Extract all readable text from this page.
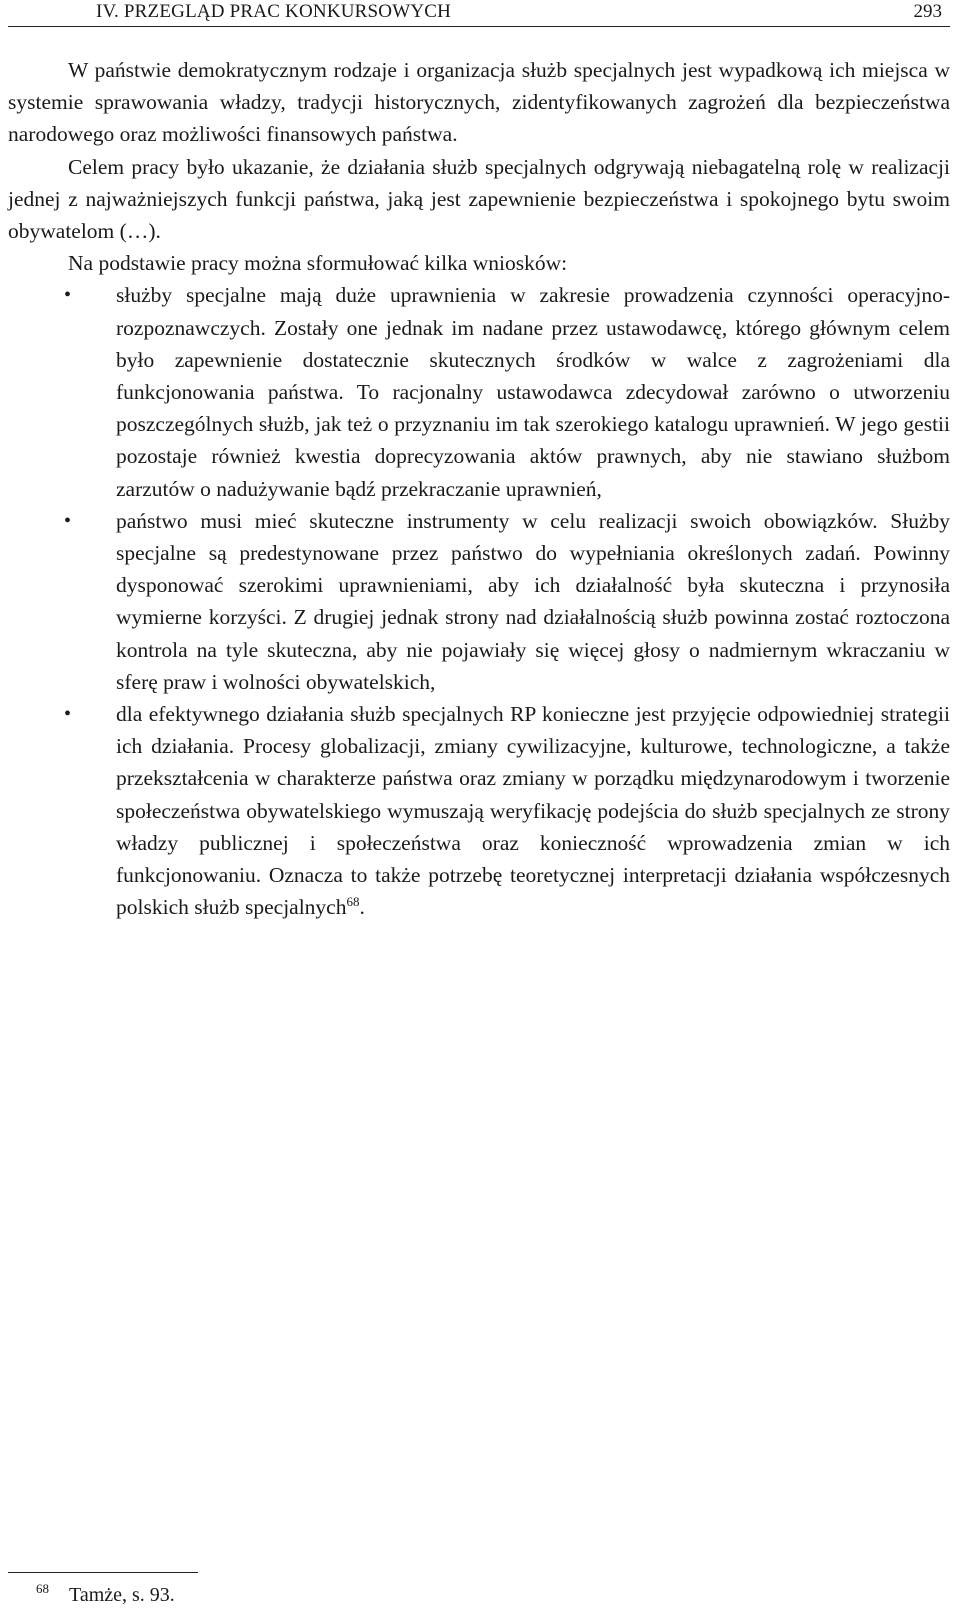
IV. PRZEGLĄD PRAC KONKURSOWYCH	293

W państwie demokratycznym rodzaje i organizacja służb specjalnych jest wypadkową ich miejsca w systemie sprawowania władzy, tradycji historycznych, zidentyfikowanych zagrożeń dla bezpieczeństwa narodowego oraz możliwości finansowych państwa.

Celem pracy było ukazanie, że działania służb specjalnych odgrywają niebagatelną rolę w realizacji jednej z najważniejszych funkcji państwa, jaką jest zapewnienie bezpieczeństwa i spokojnego bytu swoim obywatelom (…).

Na podstawie pracy można sformułować kilka wniosków:

• służby specjalne mają duże uprawnienia w zakresie prowadzenia czynności operacyjno-rozpoznawczych. Zostały one jednak im nadane przez ustawodawcę, którego głównym celem było zapewnienie dostatecznie skutecznych środków w walce z zagrożeniami dla funkcjonowania państwa. To racjonalny ustawodawca zdecydował zarówno o utworzeniu poszczególnych służb, jak też o przyznaniu im tak szerokiego katalogu uprawnień. W jego gestii pozostaje również kwestia doprecyzowania aktów prawnych, aby nie stawiano służbom zarzutów o nadużywanie bądź przekraczanie uprawnień,
• państwo musi mieć skuteczne instrumenty w celu realizacji swoich obowiązków. Służby specjalne są predestynowane przez państwo do wypełniania określonych zadań. Powinny dysponować szerokimi uprawnieniami, aby ich działalność była skuteczna i przynosiła wymierne korzyści. Z drugiej jednak strony nad działalnością służb powinna zostać roztoczona kontrola na tyle skuteczna, aby nie pojawiały się więcej głosy o nadmiernym wkraczaniu w sferę praw i wolności obywatelskich,
• dla efektywnego działania służb specjalnych RP konieczne jest przyjęcie odpowiedniej strategii ich działania. Procesy globalizacji, zmiany cywilizacyjne, kulturowe, technologiczne, a także przekształcenia w charakterze państwa oraz zmiany w porządku międzynarodowym i tworzenie społeczeństwa obywatelskiego wymuszają weryfikację podejścia do służb specjalnych ze strony władzy publicznej i społeczeństwa oraz konieczność wprowadzenia zmian w ich funkcjonowaniu. Oznacza to także potrzebę teoretycznej interpretacji działania współczesnych polskich służb specjalnych$^{68}$.
$^{68}$ Tamże, s. 93.
